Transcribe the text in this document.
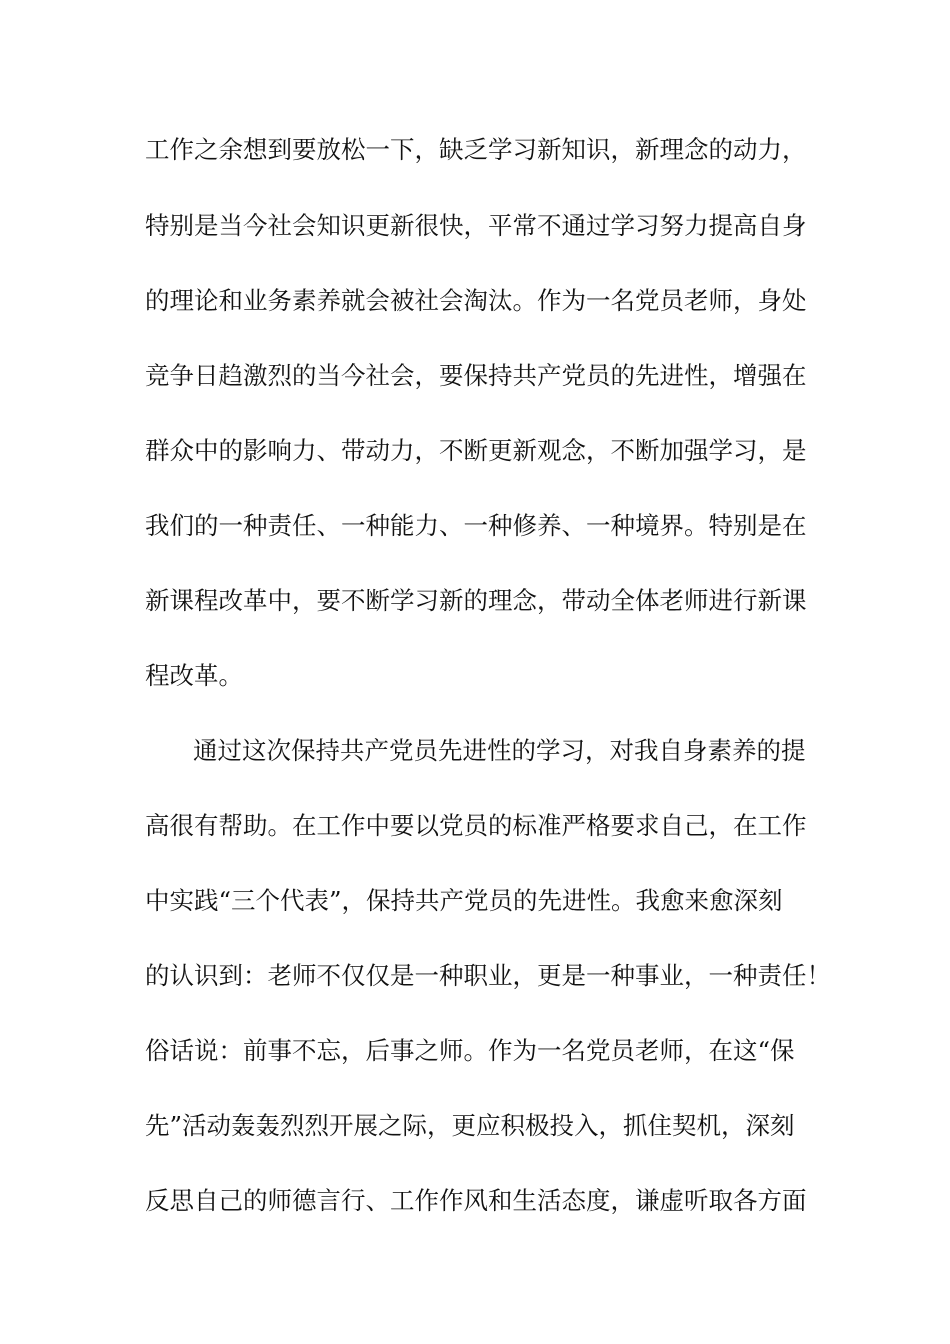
工作之余想到要放松一下，缺乏学习新知识，新理念的动力，

特别是当今社会知识更新很快，平常不通过学习努力提高自身

的理论和业务素养就会被社会淘汰。作为一名党员老师，身处

竞争日趋激烈的当今社会，要保持共产党员的先进性，增强在

群众中的影响力、带动力，不断更新观念，不断加强学习，是

我们的一种责任、一种能力、一种修养、一种境界。特别是在

新课程改革中，要不断学习新的理念，带动全体老师进行新课

程改革。

通过这次保持共产党员先进性的学习，对我自身素养的提

高很有帮助。在工作中要以党员的标准严格要求自己，在工作

中实践“三个代表”，保持共产党员的先进性。我愈来愈深刻

的认识到：老师不仅仅是一种职业，更是一种事业，一种责任！

俗话说：前事不忘，后事之师。作为一名党员老师，在这“保

先”活动轰轰烈烈开展之际，更应积极投入，抓住契机，深刻

反思自己的师德言行、工作作风和生活态度，谦虚听取各方面
